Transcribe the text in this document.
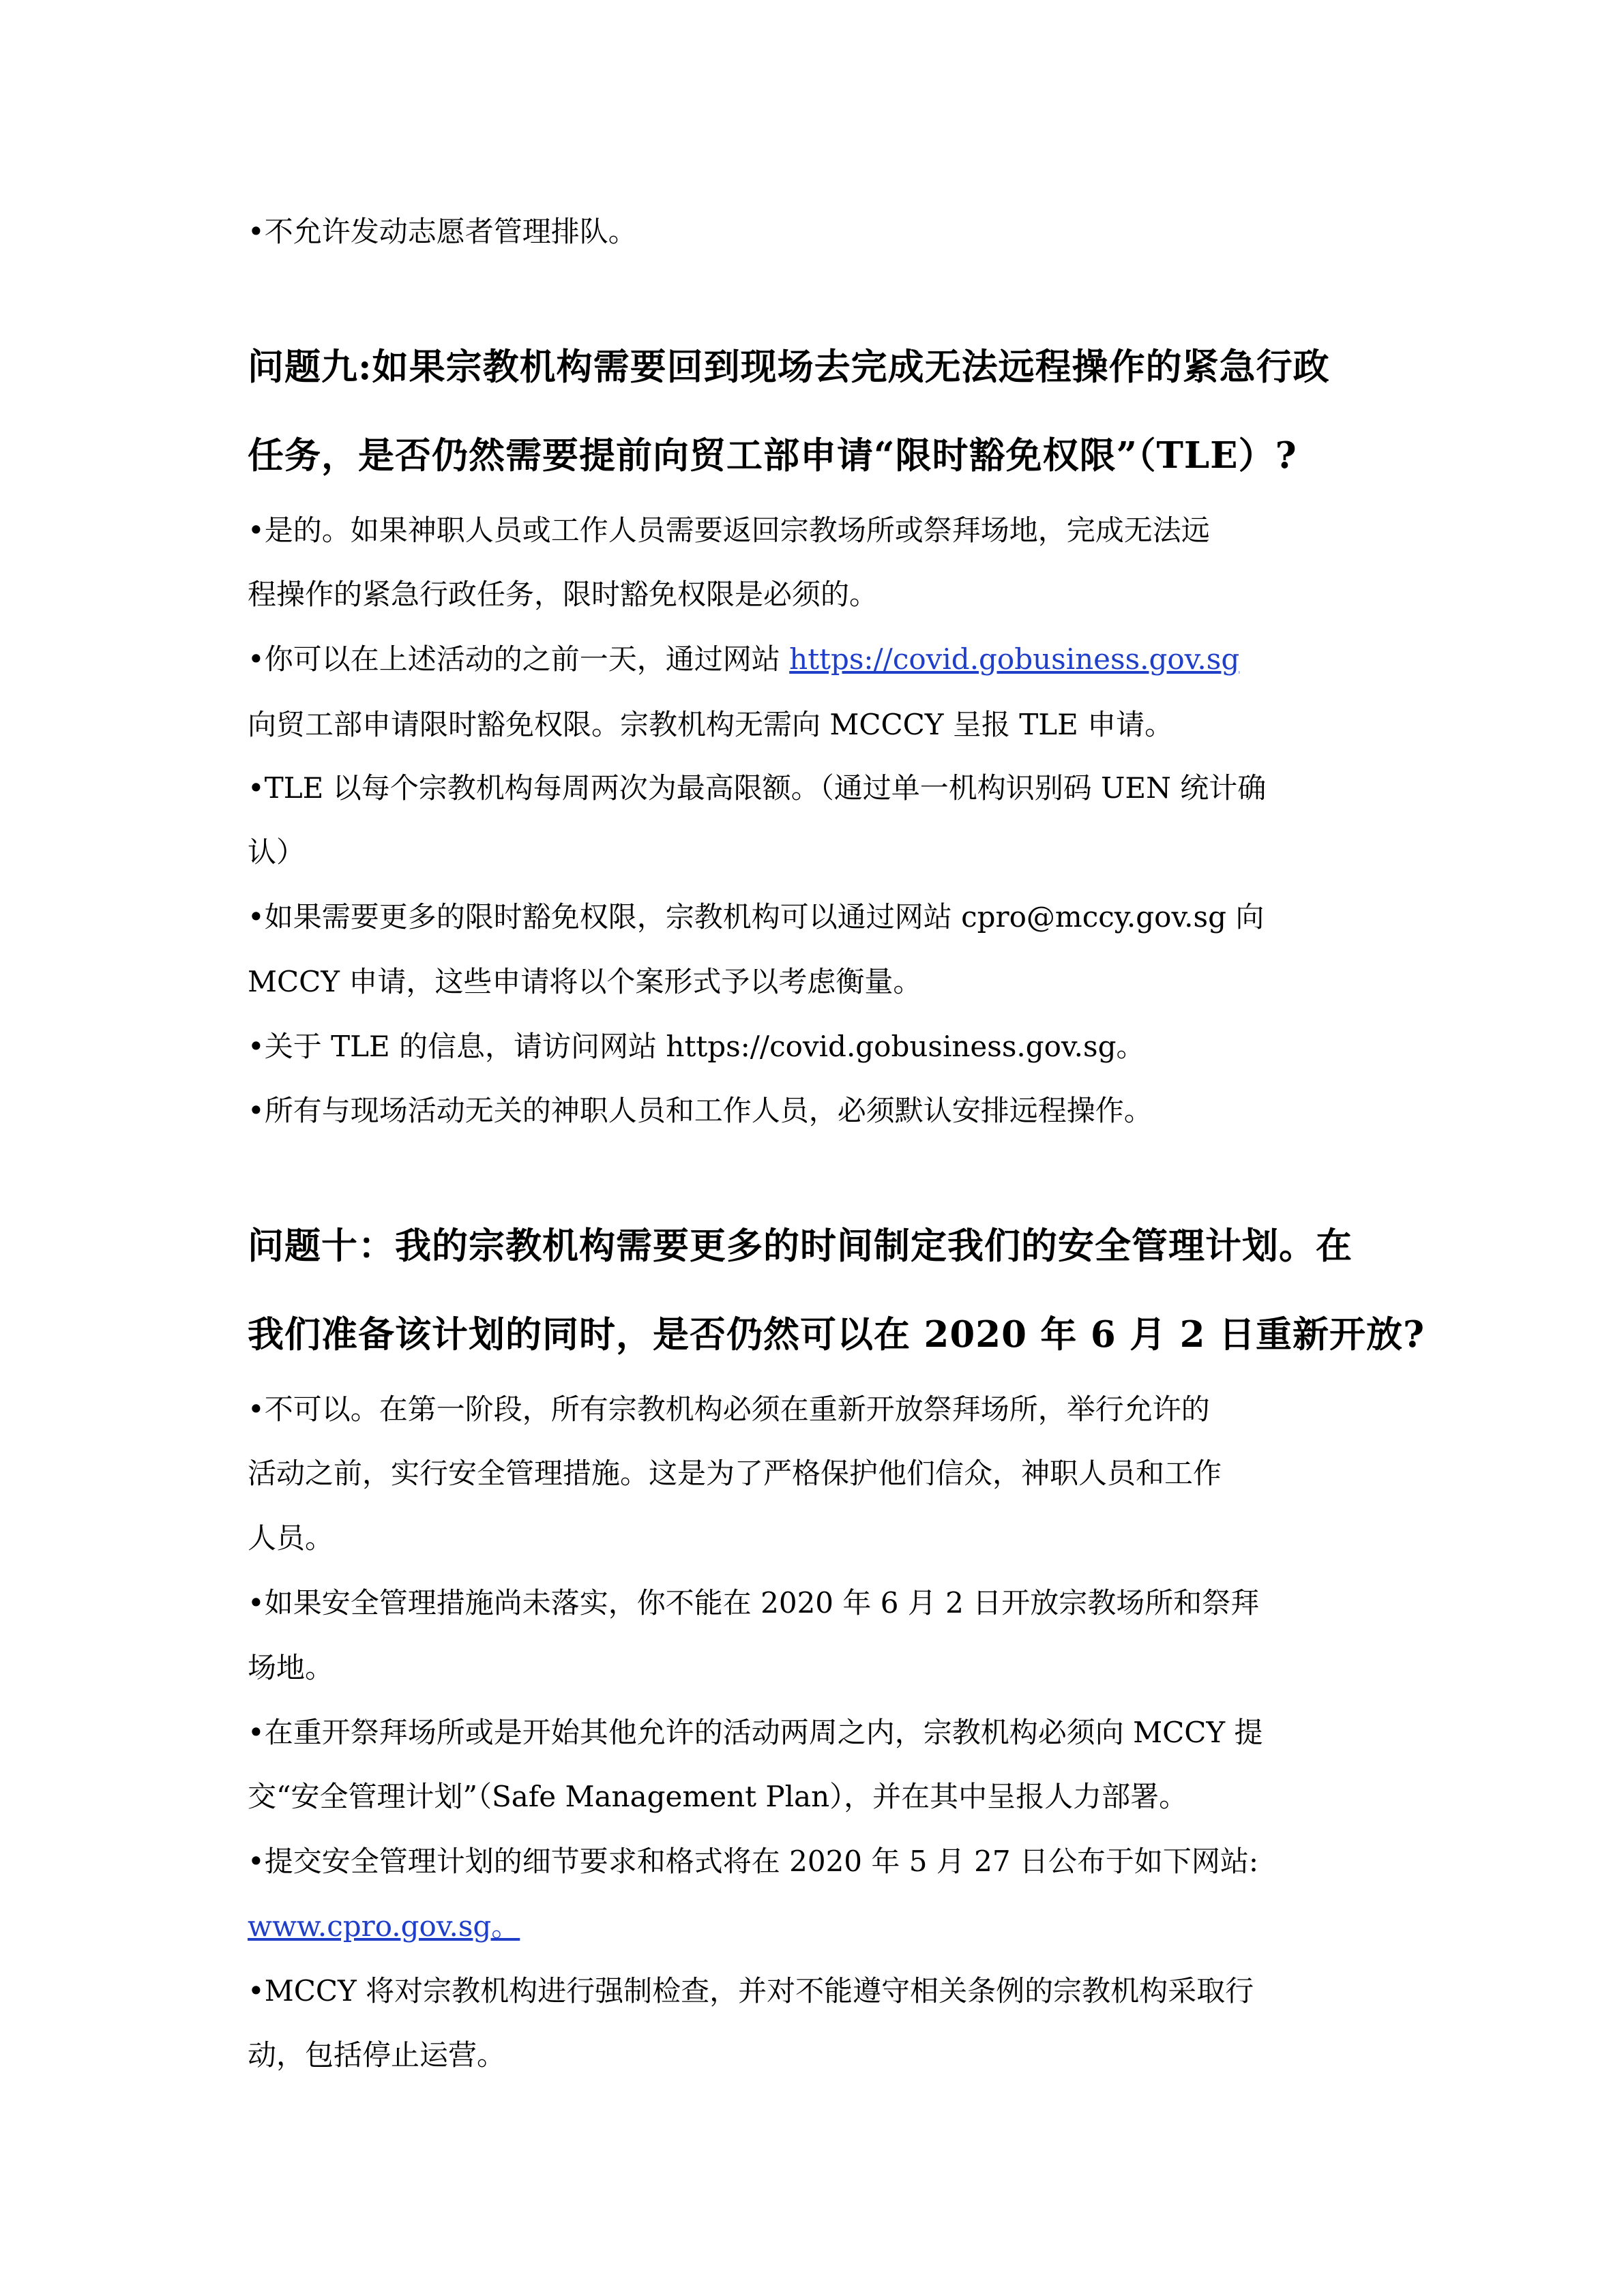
•不允许发动志愿者管理排队。
问题九:如果宗教机构需要回到现场去完成无法远程操作的紧急行政
任务，是否仍然需要提前向贸工部申请“限时豁免权限”（TLE）?
•是的。如果神职人员或工作人员需要返回宗教场所或祭拜场地，完成无法远
程操作的紧急行政任务，限时豁免权限是必须的。
•你可以在上述活动的之前一天，通过网站 https://covid.gobusiness.gov.sg
向贸工部申请限时豁免权限。宗教机构无需向 MCCCY 呈报 TLE 申请。
•TLE 以每个宗教机构每周两次为最高限额。（通过单一机构识别码 UEN 统计确
认）
•如果需要更多的限时豁免权限，宗教机构可以通过网站 cpro@mccy.gov.sg 向
MCCY 申请，这些申请将以个案形式予以考虑衡量。
•关于 TLE 的信息，请访问网站 https://covid.gobusiness.gov.sg。
•所有与现场活动无关的神职人员和工作人员，必须默认安排远程操作。
问题十：我的宗教机构需要更多的时间制定我们的安全管理计划。在
我们准备该计划的同时，是否仍然可以在 2020 年 6 月 2 日重新开放?
•不可以。在第一阶段，所有宗教机构必须在重新开放祭拜场所，举行允许的
活动之前，实行安全管理措施。这是为了严格保护他们信众，神职人员和工作
人员。
•如果安全管理措施尚未落实，你不能在 2020 年 6 月 2 日开放宗教场所和祭拜
场地。
•在重开祭拜场所或是开始其他允许的活动两周之内，宗教机构必须向 MCCY 提
交“安全管理计划”（Safe Management Plan），并在其中呈报人力部署。
•提交安全管理计划的细节要求和格式将在 2020 年 5 月 27 日公布于如下网站:
www.cpro.gov.sg。
•MCCY 将对宗教机构进行强制检查，并对不能遵守相关条例的宗教机构采取行
动，包括停止运营。
